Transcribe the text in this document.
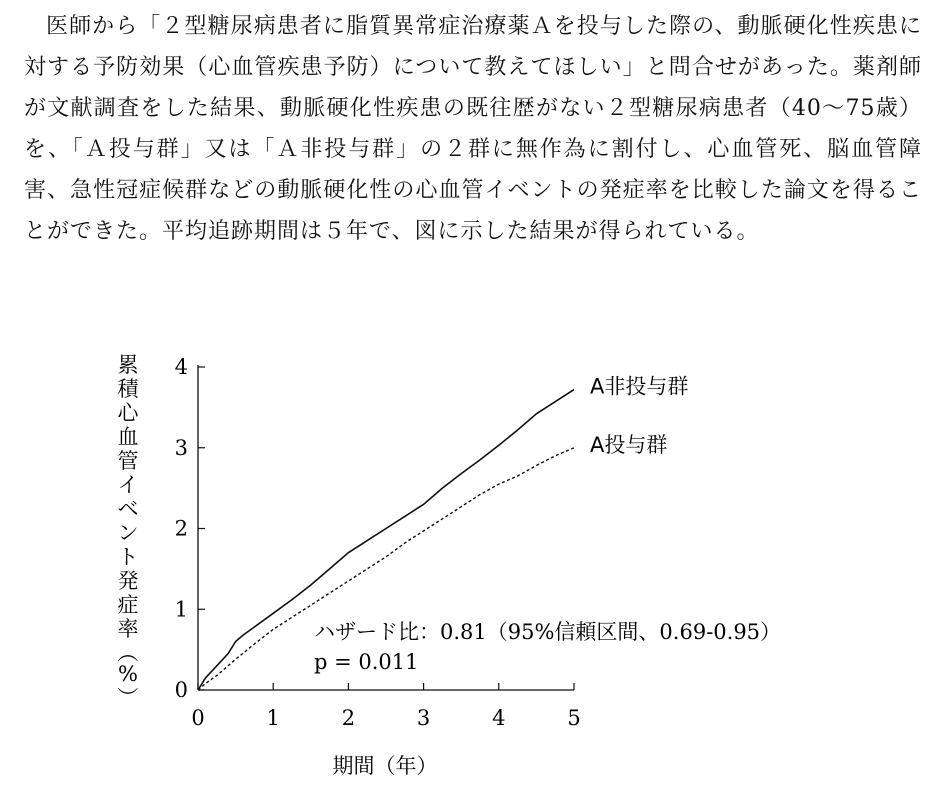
医師から「２型糖尿病患者に脂質異常症治療薬Ａを投与した際の、動脈硬化性疾患に対する予防効果（心血管疾患予防）について教えてほしい」と問合せがあった。薬剤師が文献調査をした結果、動脈硬化性疾患の既往歴がない２型糖尿病患者（40〜75歳）を、「Ａ投与群」又は「Ａ非投与群」の２群に無作為に割付し、心血管死、脳血管障害、急性冠症候群などの動脈硬化性の心血管イベントの発症率を比較した論文を得ることができた。平均追跡期間は５年で、図に示した結果が得られている。

0
1
2
3
4
0	1	2	3	4	5
A非投与群
A投与群
累
積
心
血
管
イ
ベ
ン
ト
発
症
率
（
%
）
期間（年）
ハザード比：0.81（95%信頼区間、0.69-0.95）
p = 0.011
